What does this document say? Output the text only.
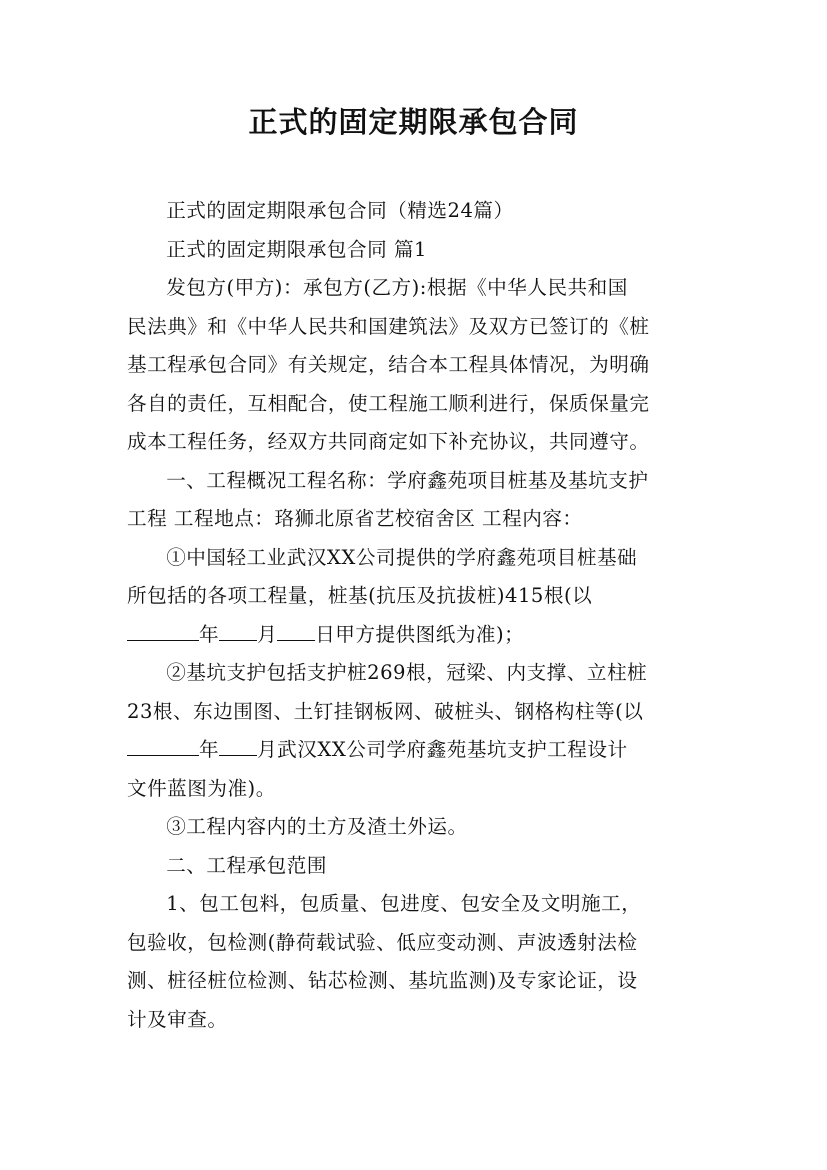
正式的固定期限承包合同

正式的固定期限承包合同（精选24篇）

正式的固定期限承包合同 篇1

发包方(甲方)：承包方(乙方):根据《中华人民共和国
民法典》和《中华人民共和国建筑法》及双方已签订的《桩
基工程承包合同》有关规定，结合本工程具体情况，为明确
各自的责任，互相配合，使工程施工顺利进行，保质保量完
成本工程任务，经双方共同商定如下补充协议，共同遵守。

一、工程概况工程名称：学府鑫苑项目桩基及基坑支护
工程 工程地点：珞狮北原省艺校宿舍区 工程内容：

①中国轻工业武汉XX公司提供的学府鑫苑项目桩基础
所包括的各项工程量，桩基(抗压及抗拔桩)415根(以
年 月 日甲方提供图纸为准)；

②基坑支护包括支护桩269根，冠梁、内支撑、立柱桩
23根、东边围图、土钉挂钢板网、破桩头、钢格构柱等(以
年 月武汉XX公司学府鑫苑基坑支护工程设计
文件蓝图为准)。

③工程内容内的土方及渣土外运。

二、工程承包范围

1、包工包料，包质量、包进度、包安全及文明施工，
包验收，包检测(静荷载试验、低应变动测、声波透射法检
测、桩径桩位检测、钻芯检测、基坑监测)及专家论证，设
计及审查。
